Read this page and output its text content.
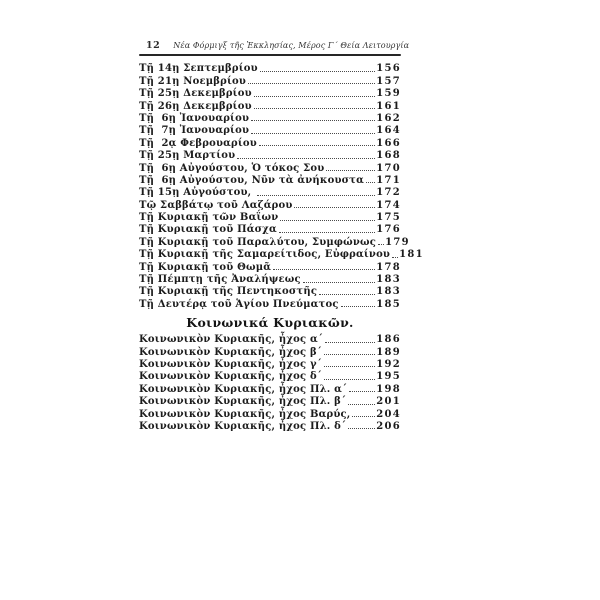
12 Νέα Φόρμιγξ τῆς Ἐκκλησίας, Μέρος Γ´ Θεία Λειτουργία
Τῇ 14ῃ Σεπτεμβρίου	156
Τῇ 21ῃ Νοεμβρίου	157
Τῇ 25ῃ Δεκεμβρίου	159
Τῇ 26ῃ Δεκεμβρίου	161
Τῇ  6ῃ Ἰανουαρίου	162
Τῇ  7ῃ Ἰανουαρίου	164
Τῇ  2ᾳ Φεβρουαρίου	166
Τῇ 25ῃ Μαρτίου	168
Τῇ  6ῃ Αὐγούστου, Ὁ τόκος Σου	170
Τῇ  6ῃ Αὐγούστου, Νῦν τὰ ἀνήκουστα 171
Τῇ 15ῃ Αὐγούστου,	172
Τῷ Σαββάτῳ τοῦ Λαζάρου	174
Τῇ Κυριακῇ τῶν Βαΐων	175
Τῇ Κυριακῇ τοῦ Πάσχα	176
Τῇ Κυριακῇ τοῦ Παραλύτου, Συμφώνως 179
Τῇ Κυριακῇ τῆς Σαμαρείτιδος, Εὐφραίνου 181
Τῇ Κυριακῇ τοῦ Θωμᾶ	178
Τῇ Πέμπτῃ τῆς Ἀναλήψεως	183
Τῇ Κυριακῇ τῆς Πεντηκοστῆς	183
Τῇ Δευτέρᾳ τοῦ Ἁγίου Πνεύματος	185
Κοινωνικά Κυριακῶν.
Κοινωνικὸν Κυριακῆς, ἦχος α´	186
Κοινωνικὸν Κυριακῆς, ἦχος β´	189
Κοινωνικὸν Κυριακῆς, ἦχος γ´	192
Κοινωνικὸν Κυριακῆς, ἦχος δ´	195
Κοινωνικὸν Κυριακῆς, ἦχος Πλ. α´	198
Κοινωνικὸν Κυριακῆς, ἦχος Πλ. β´	201
Κοινωνικὸν Κυριακῆς, ἦχος Βαρύς,	204
Κοινωνικὸν Κυριακῆς, ἦχος Πλ. δ´	206
